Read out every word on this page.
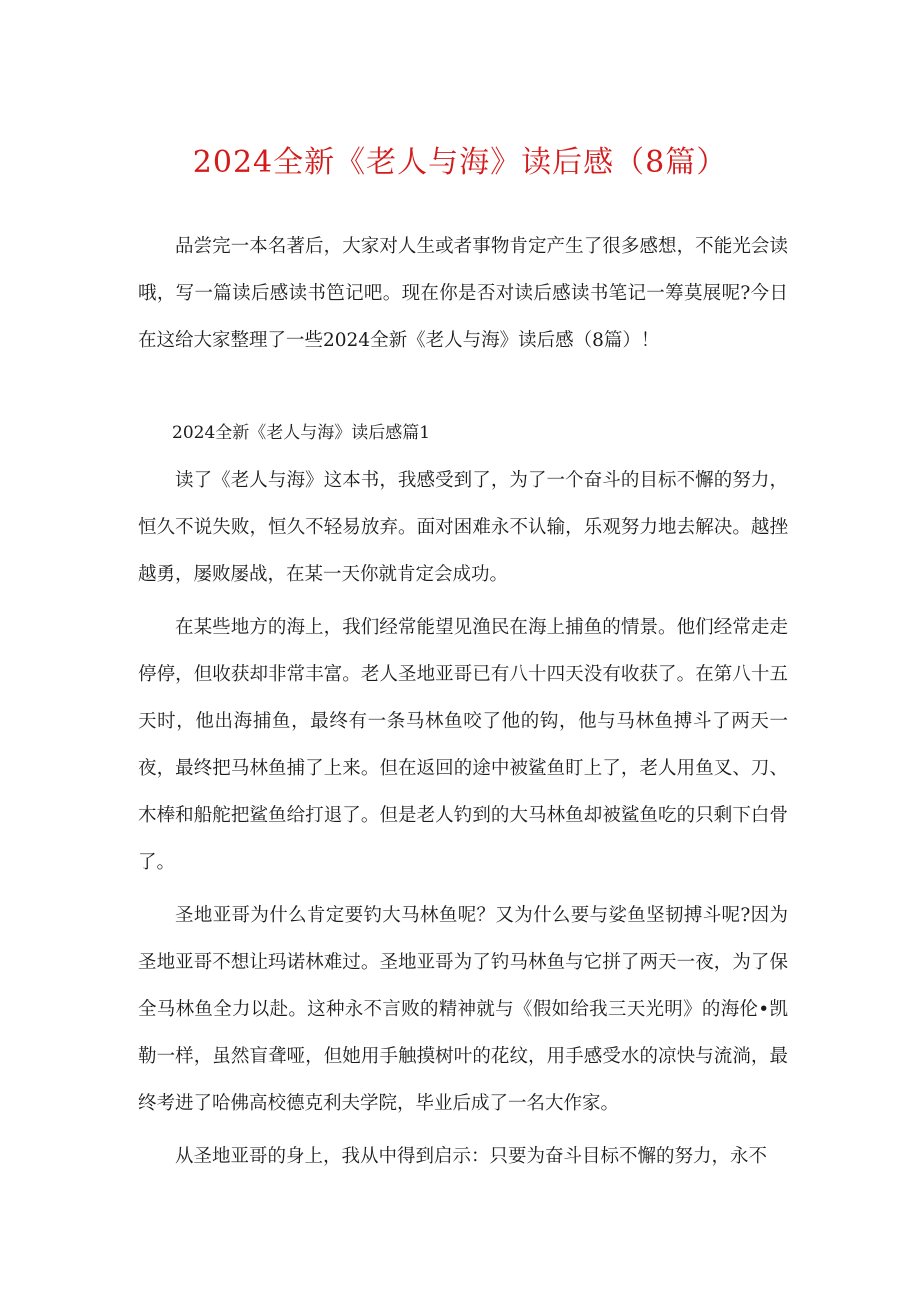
2024全新《老人与海》读后感（8篇）

品尝完一本名著后，大家对人生或者事物肯定产生了很多感想，不能光会读哦，写一篇读后感读书笆记吧。现在你是否对读后感读书笔记一筹莫展呢?今日在这给大家整理了一些2024全新《老人与海》读后感（8篇）！

2024全新《老人与海》读后感篇1

读了《老人与海》这本书，我感受到了，为了一个奋斗的目标不懈的努力，恒久不说失败，恒久不轻易放弃。面对困难永不认输，乐观努力地去解决。越挫越勇，屡败屡战，在某一天你就肯定会成功。

在某些地方的海上，我们经常能望见渔民在海上捕鱼的情景。他们经常走走停停，但收获却非常丰富。老人圣地亚哥已有八十四天没有收获了。在第八十五天时，他出海捕鱼，最终有一条马林鱼咬了他的钩，他与马林鱼搏斗了两天一夜，最终把马林鱼捕了上来。但在返回的途中被鲨鱼盯上了，老人用鱼叉、刀、木棒和船舵把鲨鱼给打退了。但是老人钓到的大马林鱼却被鲨鱼吃的只剩下白骨了。

圣地亚哥为什么肯定要钓大马林鱼呢？又为什么要与娑鱼坚韧搏斗呢?因为圣地亚哥不想让玛诺林难过。圣地亚哥为了钓马林鱼与它拼了两天一夜，为了保全马林鱼全力以赴。这种永不言败的精神就与《假如给我三天光明》的海伦•凯勒一样，虽然盲聋哑，但她用手触摸树叶的花纹，用手感受水的凉快与流淌，最终考进了哈佛高校德克利夫学院，毕业后成了一名大作家。

从圣地亚哥的身上，我从中得到启示：只要为奋斗目标不懈的努力，永不
